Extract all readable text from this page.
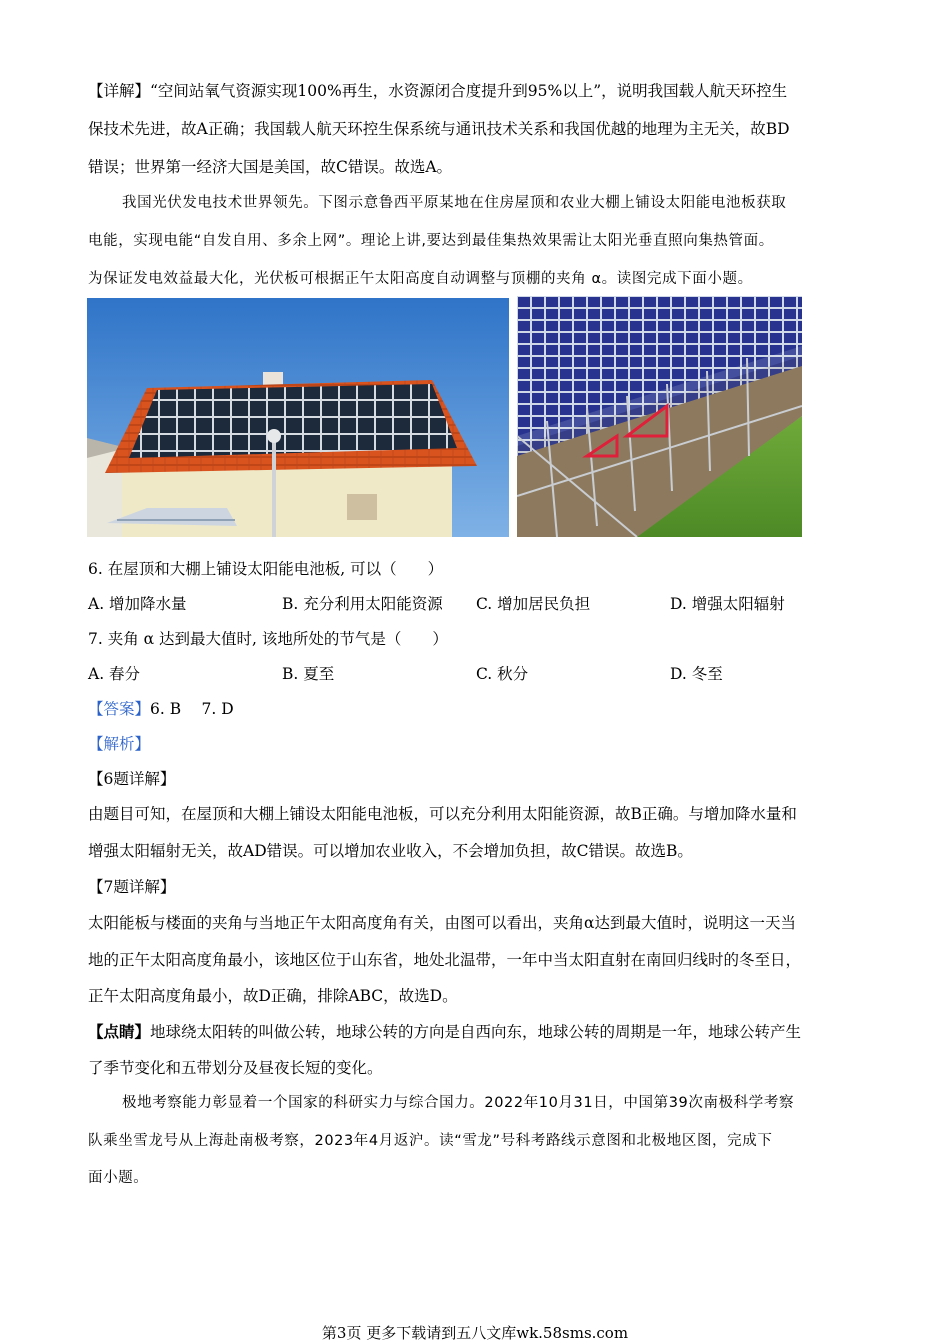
【详解】“空间站氧气资源实现100%再生，水资源闭合度提升到95%以上”，说明我国载人航天环控生
保技术先进，故A正确；我国载人航天环控生保系统与通讯技术关系和我国优越的地理为主无关，故BD
错误；世界第一经济大国是美国，故C错误。故选A。
我国光伏发电技术世界领先。下图示意鲁西平原某地在住房屋顶和农业大棚上铺设太阳能电池板获取
电能，实现电能“自发自用、多余上网”。理论上讲,要达到最佳集热效果需让太阳光垂直照向集热管面。
为保证发电效益最大化，光伏板可根据正午太阳高度自动调整与顶棚的夹角 α。读图完成下面小题。
6. 在屋顶和大棚上铺设太阳能电池板, 可以（　　）
A. 增加降水量	B. 充分利用太阳能资源 C. 增加居民负担	D. 增强太阳辐射
7. 夹角 α 达到最大值时, 该地所处的节气是（　　）
A. 春分	B. 夏至	C. 秋分	D. 冬至
【答案】6. B　 7. D
【解析】
【6题详解】
由题目可知，在屋顶和大棚上铺设太阳能电池板，可以充分利用太阳能资源，故B正确。与增加降水量和
增强太阳辐射无关，故AD错误。可以增加农业收入，不会增加负担，故C错误。故选B。
【7题详解】
太阳能板与楼面的夹角与当地正午太阳高度角有关，由图可以看出，夹角α达到最大值时，说明这一天当
地的正午太阳高度角最小，该地区位于山东省，地处北温带，一年中当太阳直射在南回归线时的冬至日，
正午太阳高度角最小，故D正确，排除ABC，故选D。
【点睛】地球绕太阳转的叫做公转，地球公转的方向是自西向东，地球公转的周期是一年，地球公转产生
了季节变化和五带划分及昼夜长短的变化。
极地考察能力彰显着一个国家的科研实力与综合国力。2022年10月31日，中国第39次南极科学考察
队乘坐雪龙号从上海赴南极考察，2023年4月返沪。读“雪龙”号科考路线示意图和北极地区图，完成下
面小题。
第3页 更多下载请到五八文库wk.58sms.com
